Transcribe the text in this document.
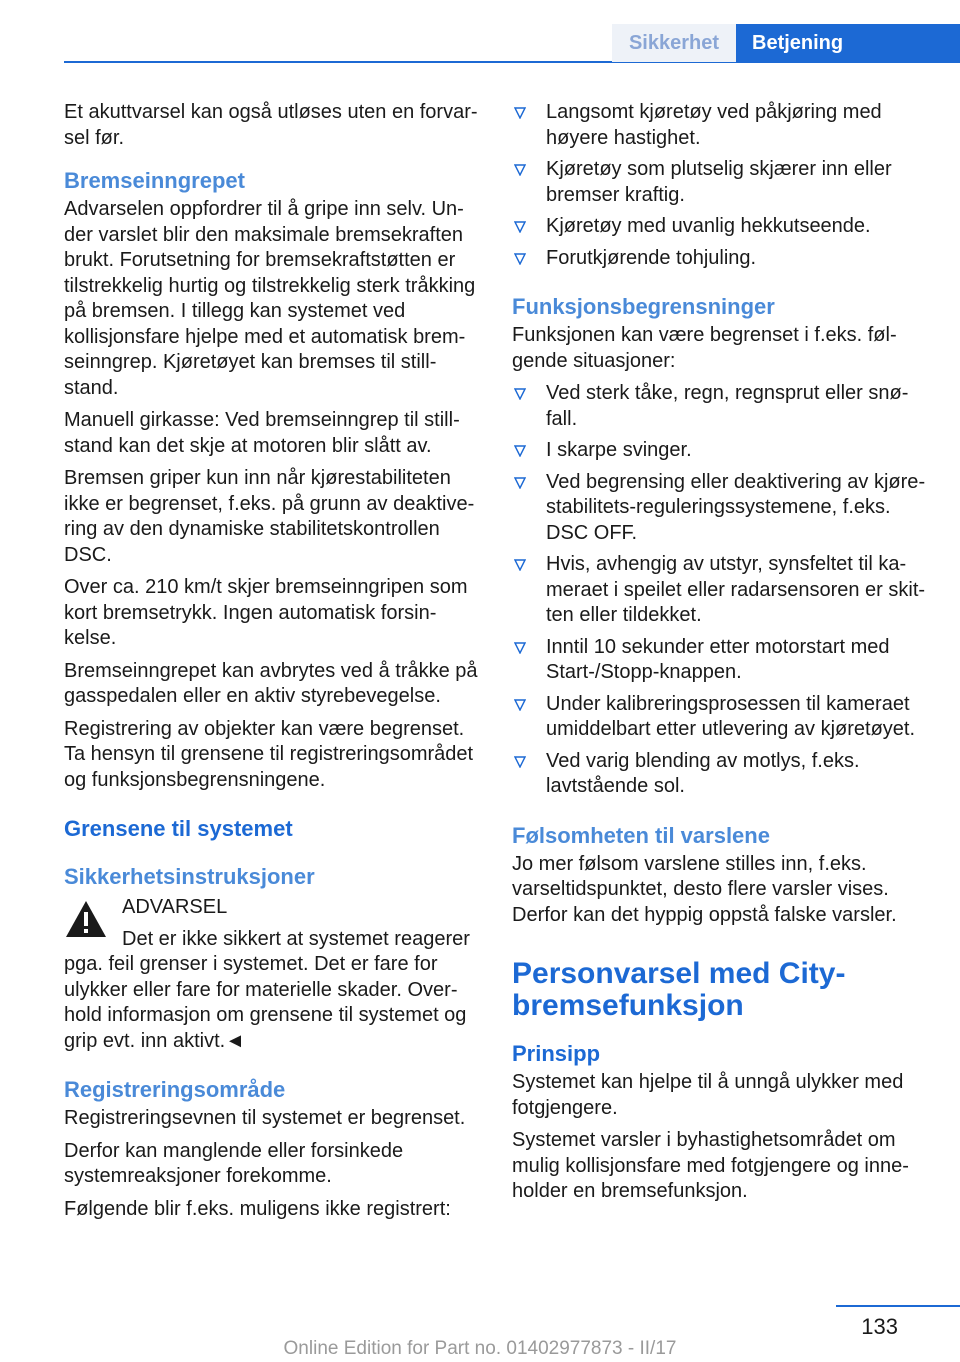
Sikkerhet	Betjening

Et akuttvarsel kan også utløses uten en forvarsel før.

Bremseinngrepet

Advarselen oppfordrer til å gripe inn selv. Under varslet blir den maksimale bremsekraften brukt. Forutsetning for bremsekraftstøtten er tilstrekkelig hurtig og tilstrekkelig sterk tråkking på bremsen. I tillegg kan systemet ved kollisjonsfare hjelpe med et automatisk bremseinngrep. Kjøretøyet kan bremses til stillstand.

Manuell girkasse: Ved bremseinngrep til stillstand kan det skje at motoren blir slått av.

Bremsen griper kun inn når kjørestabiliteten ikke er begrenset, f.eks. på grunn av deaktivering av den dynamiske stabilitetskontrollen DSC.

Over ca. 210 km/t skjer bremseinngripen som kort bremsetrykk. Ingen automatisk forsinkelse.

Bremseinngrepet kan avbrytes ved å tråkke på gasspedalen eller en aktiv styrebevegelse.

Registrering av objekter kan være begrenset. Ta hensyn til grensene til registreringsområdet og funksjonsbegrensningene.

Grensene til systemet
Sikkerhetsinstruksjoner
ADVARSEL
Det er ikke sikkert at systemet reagerer
pga. feil grenser i systemet. Det er fare for ulykker eller fare for materielle skader. Overhold informasjon om grensene til systemet og grip evt. inn aktivt.◄
Registreringsområde

Registreringsevnen til systemet er begrenset.

Derfor kan manglende eller forsinkede systemreaksjoner forekomme.

Følgende blir f.eks. muligens ikke registrert:

Langsomt kjøretøy ved påkjøring med høyere hastighet.
Kjøretøy som plutselig skjærer inn eller bremser kraftig.
Kjøretøy med uvanlig hekkutseende.
Forutkjørende tohjuling.
Funksjonsbegrensninger

Funksjonen kan være begrenset i f.eks. følgende situasjoner:

Ved sterk tåke, regn, regnsprut eller snøfall.
I skarpe svinger.
Ved begrensing eller deaktivering av kjørestabilitets-reguleringssystemene, f.eks. DSC OFF.
Hvis, avhengig av utstyr, synsfeltet til kameraet i speilet eller radarsensoren er skitten eller tildekket.
Inntil 10 sekunder etter motorstart med Start-/Stopp-knappen.
Under kalibreringsprosessen til kameraet umiddelbart etter utlevering av kjøretøyet.
Ved varig blending av motlys, f.eks. lavtstående sol.
Følsomheten til varslene

Jo mer følsom varslene stilles inn, f.eks. varseltidspunktet, desto flere varsler vises. Derfor kan det hyppig oppstå falske varsler.

Personvarsel med City-bremsefunksjon
Prinsipp

Systemet kan hjelpe til å unngå ulykker med fotgjengere.

Systemet varsler i byhastighetsområdet om mulig kollisjonsfare med fotgjengere og inneholder en bremsefunksjon.

133
Online Edition for Part no. 01402977873 - II/17
